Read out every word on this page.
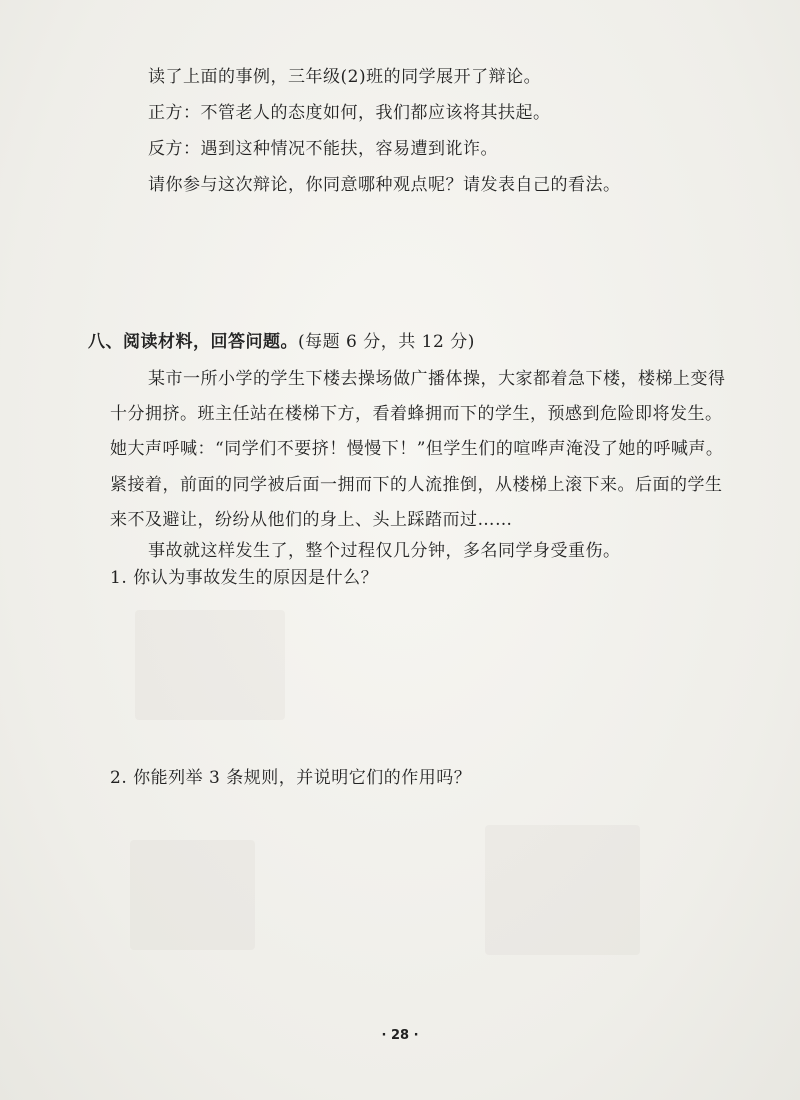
读了上面的事例，三年级(2)班的同学展开了辩论。
正方：不管老人的态度如何，我们都应该将其扶起。
反方：遇到这种情况不能扶，容易遭到讹诈。
请你参与这次辩论，你同意哪种观点呢？请发表自己的看法。
八、阅读材料，回答问题。(每题 6 分，共 12 分)
某市一所小学的学生下楼去操场做广播体操，大家都着急下楼，楼梯上变得
十分拥挤。班主任站在楼梯下方，看着蜂拥而下的学生，预感到危险即将发生。
她大声呼喊：“同学们不要挤！慢慢下！”但学生们的喧哗声淹没了她的呼喊声。
紧接着，前面的同学被后面一拥而下的人流推倒，从楼梯上滚下来。后面的学生
来不及避让，纷纷从他们的身上、头上踩踏而过……
事故就这样发生了，整个过程仅几分钟，多名同学身受重伤。
1. 你认为事故发生的原因是什么？
2. 你能列举 3 条规则，并说明它们的作用吗？
· 28 ·
